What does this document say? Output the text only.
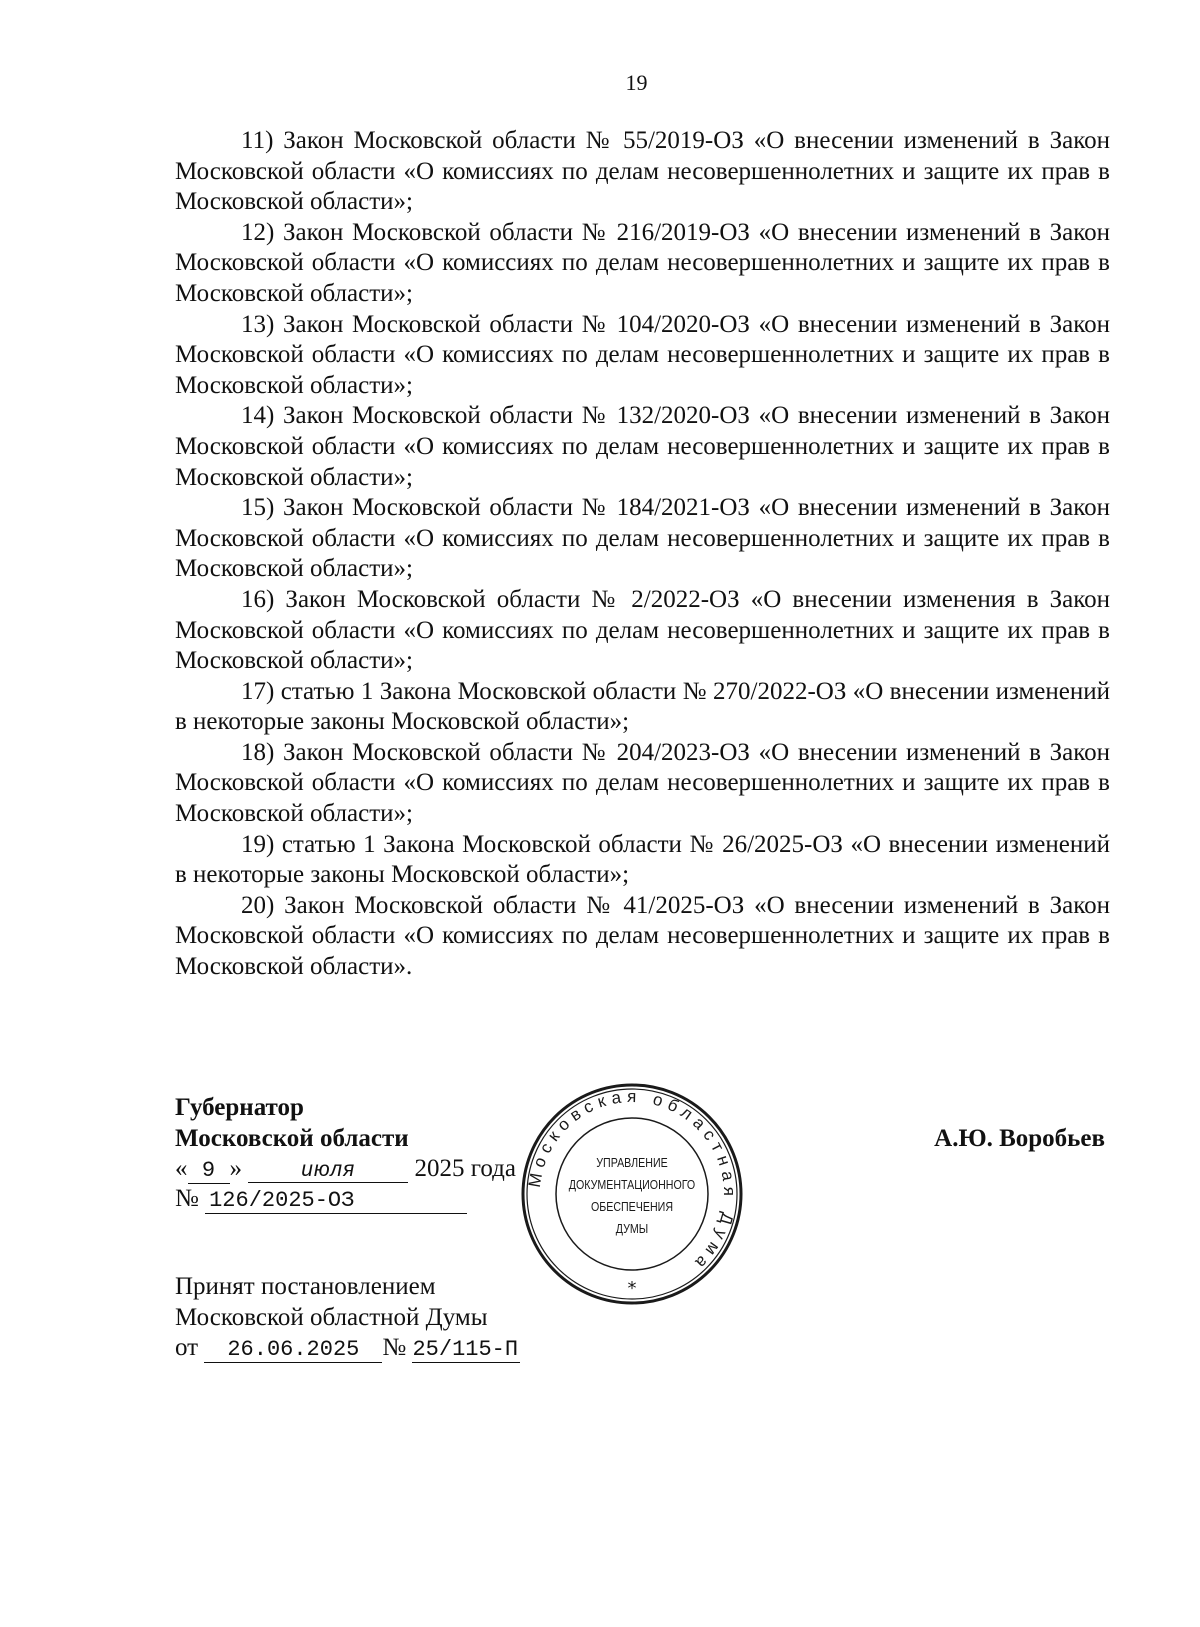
19

11) Закон Московской области № 55/2019-ОЗ «О внесении изменений в Закон Московской области «О комиссиях по делам несовершеннолетних и защите их прав в Московской области»;

12) Закон Московской области № 216/2019-ОЗ «О внесении изменений в Закон Московской области «О комиссиях по делам несовершеннолетних и защите их прав в Московской области»;

13) Закон Московской области № 104/2020-ОЗ «О внесении изменений в Закон Московской области «О комиссиях по делам несовершеннолетних и защите их прав в Московской области»;

14) Закон Московской области № 132/2020-ОЗ «О внесении изменений в Закон Московской области «О комиссиях по делам несовершеннолетних и защите их прав в Московской области»;

15) Закон Московской области № 184/2021-ОЗ «О внесении изменений в Закон Московской области «О комиссиях по делам несовершеннолетних и защите их прав в Московской области»;

16) Закон Московской области № 2/2022-ОЗ «О внесении изменения в Закон Московской области «О комиссиях по делам несовершеннолетних и защите их прав в Московской области»;

17) статью 1 Закона Московской области № 270/2022-ОЗ «О внесении изменений в некоторые законы Московской области»;

18) Закон Московской области № 204/2023-ОЗ «О внесении изменений в Закон Московской области «О комиссиях по делам несовершеннолетних и защите их прав в Московской области»;

19) статью 1 Закона Московской области № 26/2025-ОЗ «О внесении изменений в некоторые законы Московской области»;

20) Закон Московской области № 41/2025-ОЗ «О внесении изменений в Закон Московской области «О комиссиях по делам несовершеннолетних и защите их прав в Московской области».

Губернатор
Московской области
« 9 »	июля 2025 года
№ 126/2025-ОЗ
А.Ю. Воробьев
Московская областная Дума
*
УПРАВЛЕНИЕ
ДОКУМЕНТАЦИОННОГО
ОБЕСПЕЧЕНИЯ
ДУМЫ
Принят постановлением
Московской областной Думы
от 26.06.2025 № 25/115-П
